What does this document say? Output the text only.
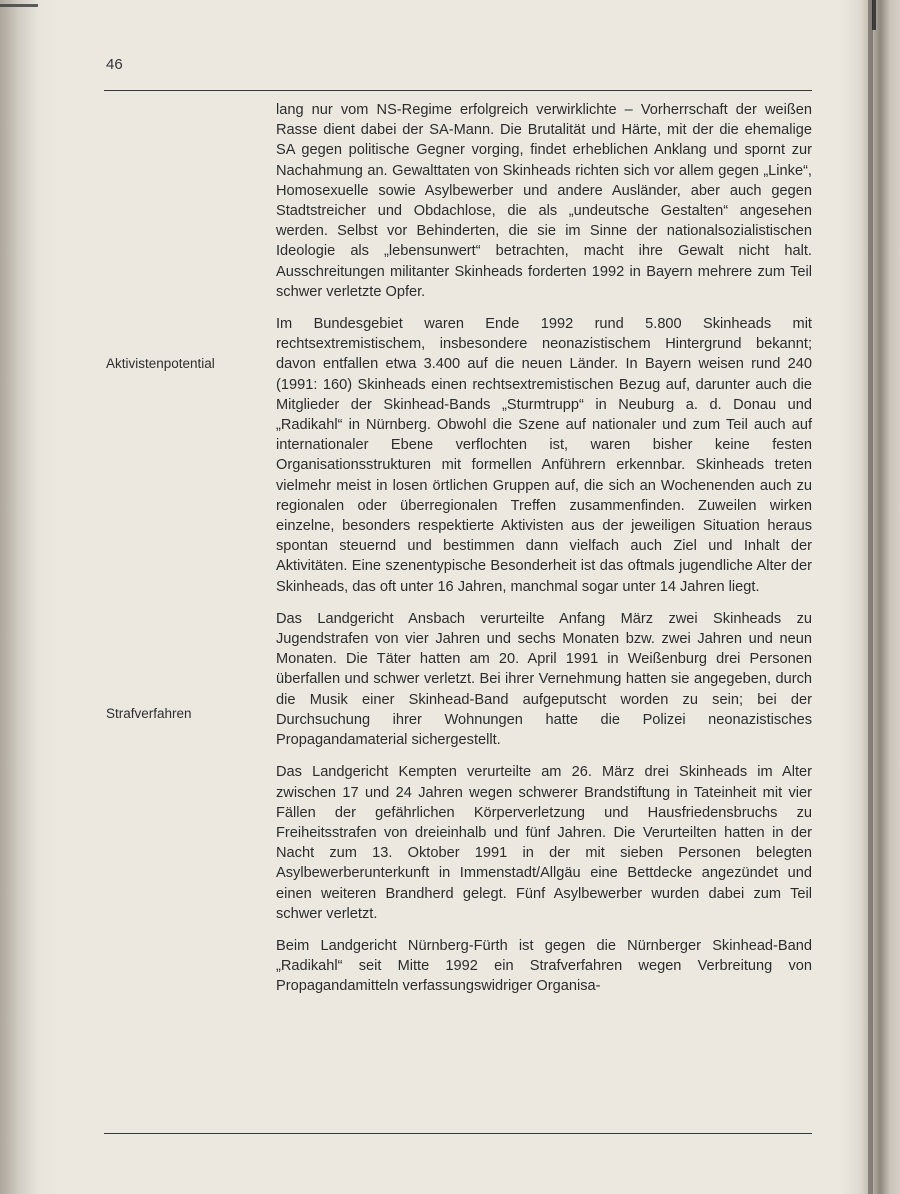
46
Aktivistenpotential
Strafverfahren

lang nur vom NS-Regime erfolgreich verwirklichte – Vorherrschaft der weißen Rasse dient dabei der SA-Mann. Die Brutalität und Härte, mit der die ehemalige SA gegen politische Gegner vorging, findet erheblichen Anklang und spornt zur Nachahmung an. Gewalttaten von Skinheads richten sich vor allem gegen „Linke“, Homosexuelle sowie Asylbewerber und andere Ausländer, aber auch gegen Stadtstreicher und Obdachlose, die als „undeutsche Gestalten“ angesehen werden. Selbst vor Behinderten, die sie im Sinne der nationalsozialistischen Ideologie als „lebensunwert“ betrachten, macht ihre Gewalt nicht halt. Ausschreitungen militanter Skinheads forderten 1992 in Bayern mehrere zum Teil schwer verletzte Opfer.

Im Bundesgebiet waren Ende 1992 rund 5.800 Skinheads mit rechtsextremistischem, insbesondere neonazistischem Hintergrund bekannt; davon entfallen etwa 3.400 auf die neuen Länder. In Bayern weisen rund 240 (1991: 160) Skinheads einen rechtsextremistischen Bezug auf, darunter auch die Mitglieder der Skinhead-Bands „Sturmtrupp“ in Neuburg a. d. Donau und „Radikahl“ in Nürnberg. Obwohl die Szene auf nationaler und zum Teil auch auf internationaler Ebene verflochten ist, waren bisher keine festen Organisationsstrukturen mit formellen Anführern erkennbar. Skinheads treten vielmehr meist in losen örtlichen Gruppen auf, die sich an Wochenenden auch zu regionalen oder überregionalen Treffen zusammenfinden. Zuweilen wirken einzelne, besonders respektierte Aktivisten aus der jeweiligen Situation heraus spontan steuernd und bestimmen dann vielfach auch Ziel und Inhalt der Aktivitäten. Eine szenentypische Besonderheit ist das oftmals jugendliche Alter der Skinheads, das oft unter 16 Jahren, manchmal sogar unter 14 Jahren liegt.

Das Landgericht Ansbach verurteilte Anfang März zwei Skinheads zu Jugendstrafen von vier Jahren und sechs Monaten bzw. zwei Jahren und neun Monaten. Die Täter hatten am 20. April 1991 in Weißenburg drei Personen überfallen und schwer verletzt. Bei ihrer Vernehmung hatten sie angegeben, durch die Musik einer Skinhead-Band aufgeputscht worden zu sein; bei der Durchsuchung ihrer Wohnungen hatte die Polizei neonazistisches Propagandamaterial sichergestellt.

Das Landgericht Kempten verurteilte am 26. März drei Skinheads im Alter zwischen 17 und 24 Jahren wegen schwerer Brandstiftung in Tateinheit mit vier Fällen der gefährlichen Körperverletzung und Hausfriedensbruchs zu Freiheitsstrafen von dreieinhalb und fünf Jahren. Die Verurteilten hatten in der Nacht zum 13. Oktober 1991 in der mit sieben Personen belegten Asylbewerberunterkunft in Immenstadt/Allgäu eine Bettdecke angezündet und einen weiteren Brandherd gelegt. Fünf Asylbewerber wurden dabei zum Teil schwer verletzt.

Beim Landgericht Nürnberg-Fürth ist gegen die Nürnberger Skinhead-Band „Radikahl“ seit Mitte 1992 ein Strafverfahren wegen Verbreitung von Propagandamitteln verfassungswidriger Organisa-
